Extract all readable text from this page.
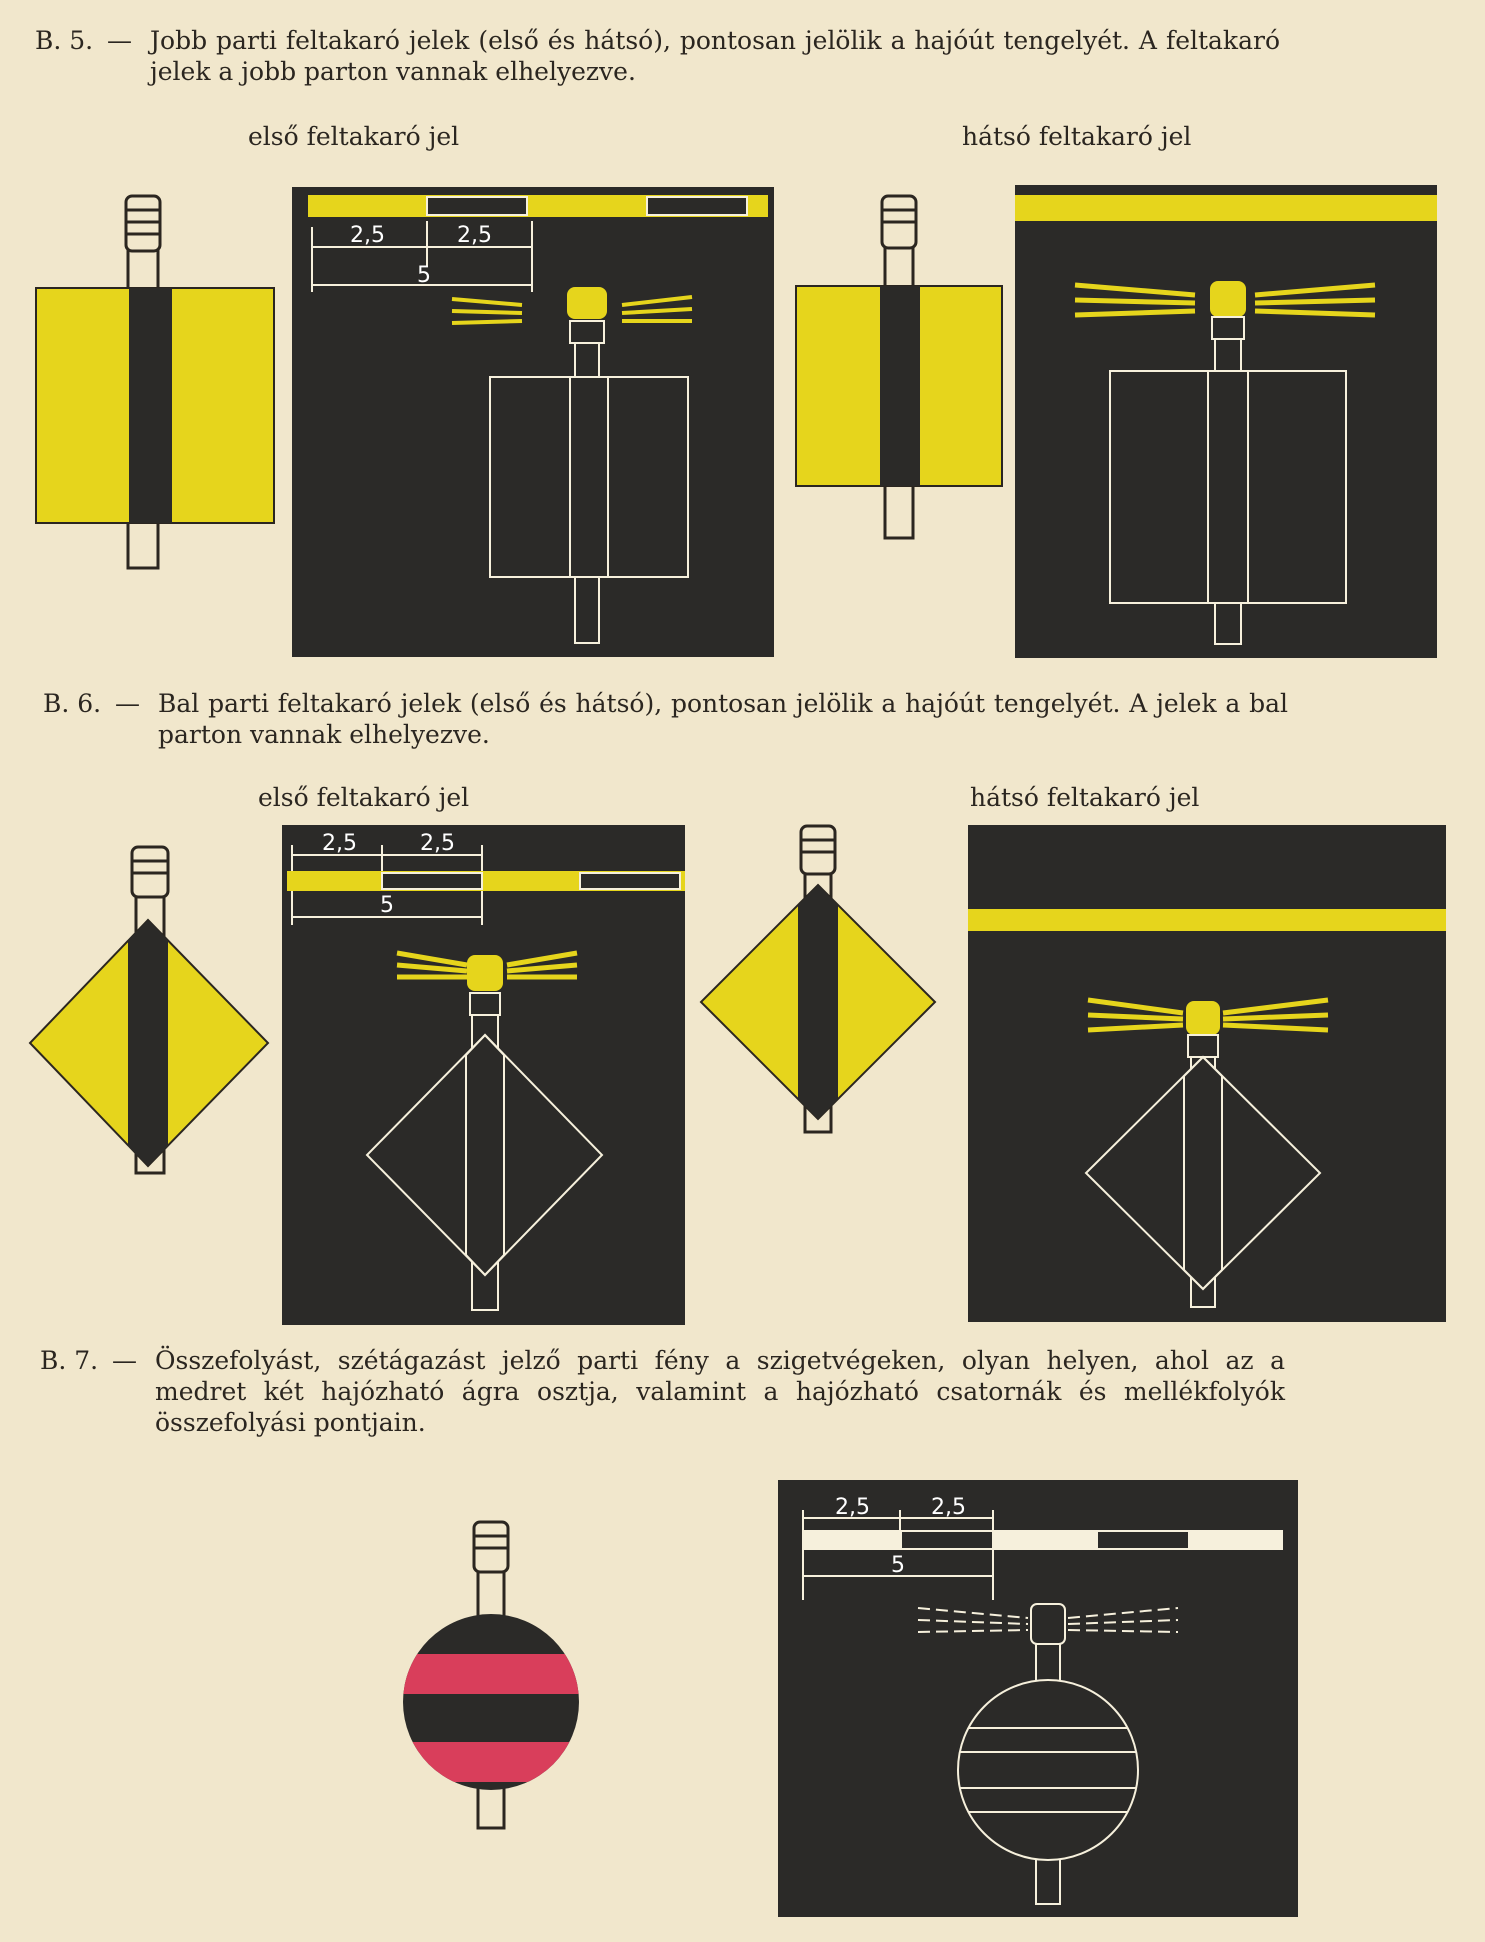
B. 5. — Jobb parti feltakaró jelek (első és hátsó), pontosan jelölik a hajóút tengelyét. A feltakaró jelek a jobb parton vannak elhelyezve.
első feltakaró jel	hátsó feltakaró jel
2,5	2,5
5
B. 6. — Bal parti feltakaró jelek (első és hátsó), pontosan jelölik a hajóút tengelyét. A jelek a bal parton vannak elhelyezve.
első feltakaró jel	hátsó feltakaró jel
2,5	2,5
5
B. 7. — Összefolyást, szétágazást jelző parti fény a szigetvégeken, olyan helyen, ahol az a medret két hajózható ágra osztja, valamint a hajózható csatornák és mellékfolyók összefolyási pontjain.
2,5	2,5
5
